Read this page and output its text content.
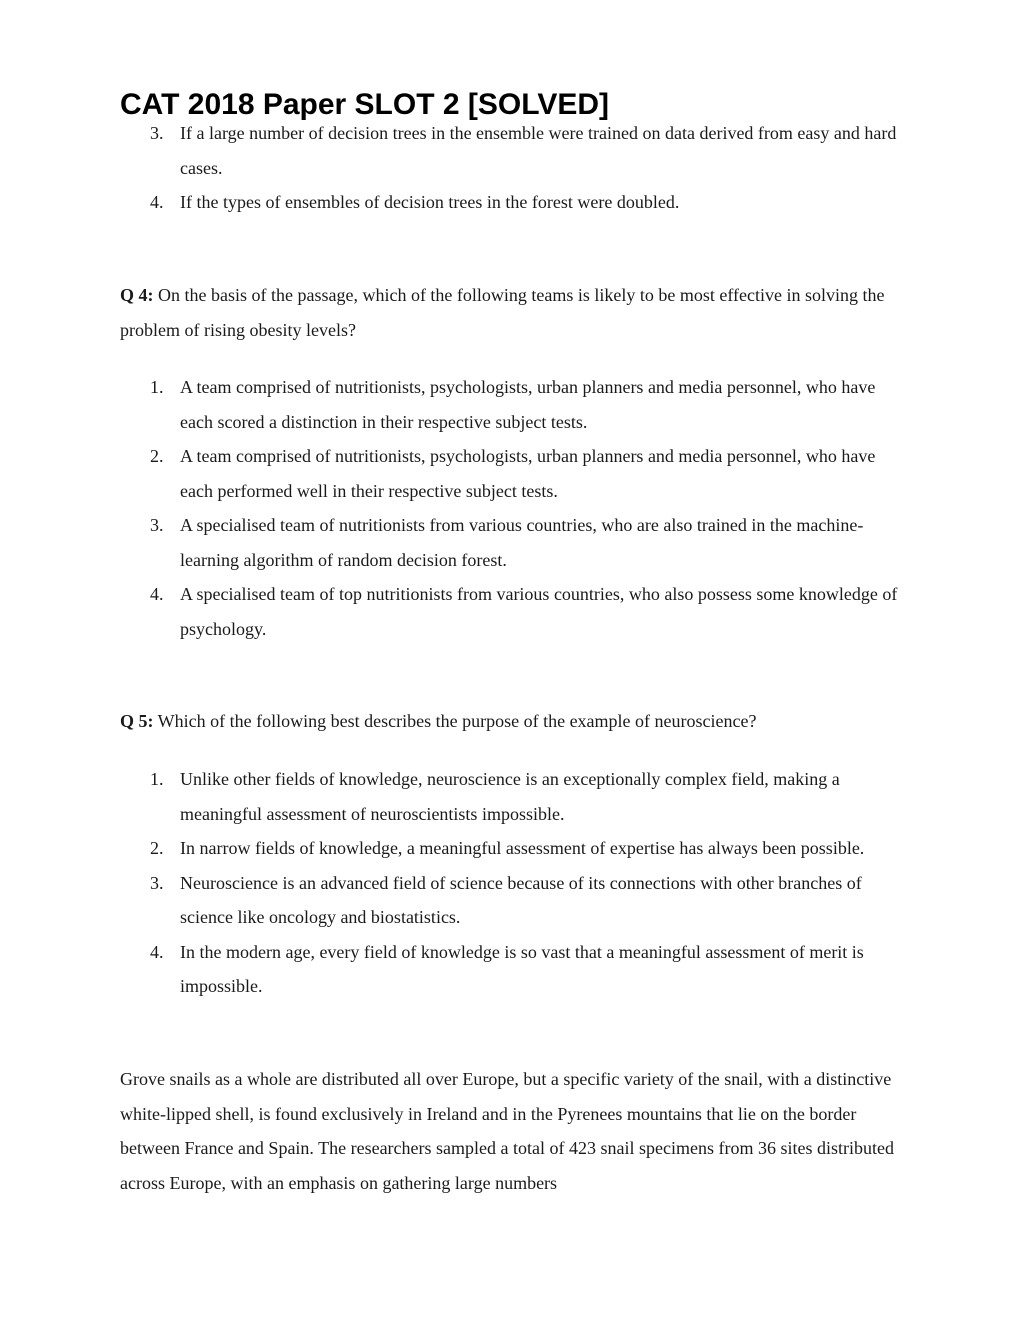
CAT 2018 Paper SLOT 2 [SOLVED]
3. If a large number of decision trees in the ensemble were trained on data derived from easy and hard cases.
4. If the types of ensembles of decision trees in the forest were doubled.

Q 4: On the basis of the passage, which of the following teams is likely to be most effective in solving the problem of rising obesity levels?

1. A team comprised of nutritionists, psychologists, urban planners and media personnel, who have each scored a distinction in their respective subject tests.
2. A team comprised of nutritionists, psychologists, urban planners and media personnel, who have each performed well in their respective subject tests.
3. A specialised team of nutritionists from various countries, who are also trained in the machine-learning algorithm of random decision forest.
4. A specialised team of top nutritionists from various countries, who also possess some knowledge of psychology.

Q 5: Which of the following best describes the purpose of the example of neuroscience?

1. Unlike other fields of knowledge, neuroscience is an exceptionally complex field, making a meaningful assessment of neuroscientists impossible.
2. In narrow fields of knowledge, a meaningful assessment of expertise has always been possible.
3. Neuroscience is an advanced field of science because of its connections with other branches of science like oncology and biostatistics.
4. In the modern age, every field of knowledge is so vast that a meaningful assessment of merit is impossible.

Grove snails as a whole are distributed all over Europe, but a specific variety of the snail, with a distinctive white-lipped shell, is found exclusively in Ireland and in the Pyrenees mountains that lie on the border between France and Spain. The researchers sampled a total of 423 snail specimens from 36 sites distributed across Europe, with an emphasis on gathering large numbers
